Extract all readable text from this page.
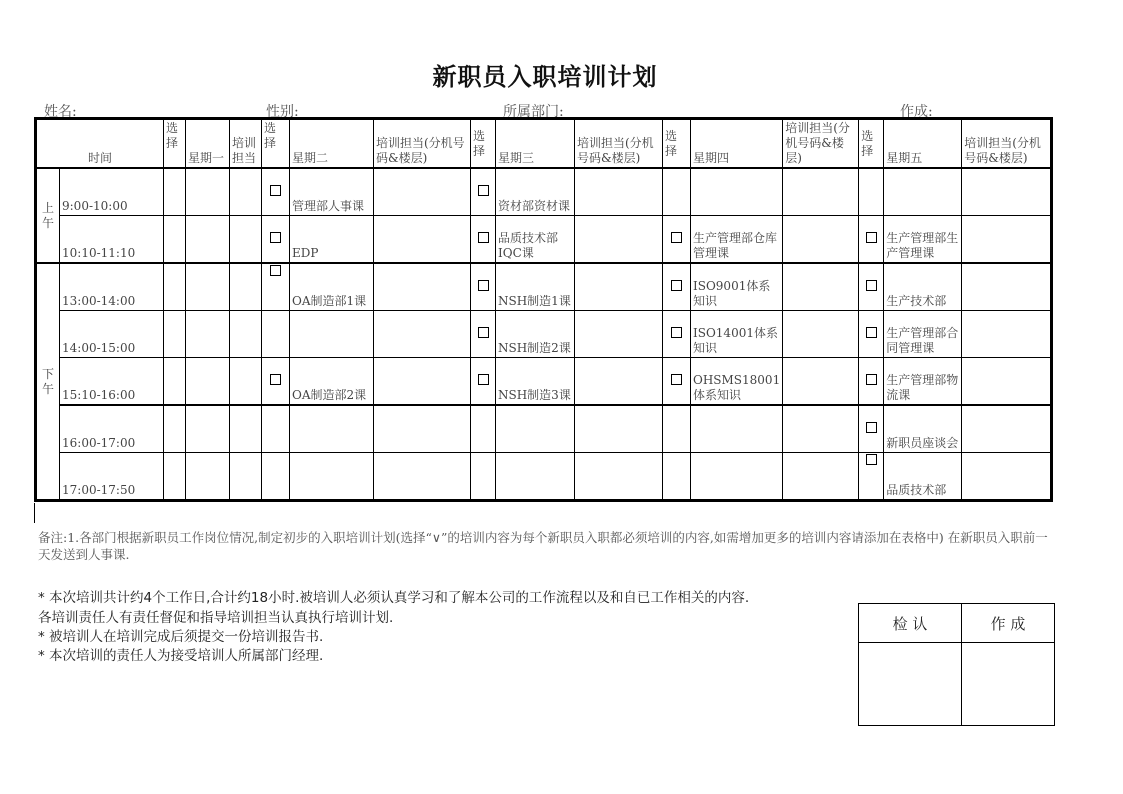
新职员入职培训计划
姓名:	性别:	所属部门:	作成:
时间		选择	星期一	培训担当	选择	星期二	培训担当(分机号码&楼层)	选择	星期三	培训担当(分机号码&楼层)	选择	星期四	培训担当(分机号码&楼层)	选择	星期五	培训担当(分机号码&楼层)
上午	9:00-10:00					管理部人事课			资材部资材课							
	10:10-11:10					EDP			品质技术部IQC课			生产管理部仓库管理课			生产管理部生产管理课	
下午	13:00-14:00					OA制造部1课			NSH制造1课			ISO9001体系知识			生产技术部	
	14:00-15:00								NSH制造2课			ISO14001体系知识			生产管理部合同管理课	
	15:10-16:00					OA制造部2课			NSH制造3课			OHSMS18001体系知识			生产管理部物流课	
	16:00-17:00														新职员座谈会	
	17:00-17:50														品质技术部	
备注:1.各部门根据新职员工作岗位情况,制定初步的入职培训计划(选择“∨”的培训内容为每个新职员入职都必须培训的内容,如需增加更多的培训内容请添加在表格中) 在新职员入职前一天发送到人事课.
* 本次培训共计约4个工作日,合计约18小时.被培训人必须认真学习和了解本公司的工作流程以及和自已工作相关的内容.
各培训责任人有责任督促和指导培训担当认真执行培训计划.
* 被培训人在培训完成后须提交一份培训报告书.
* 本次培训的责任人为接受培训人所属部门经理.
检 认	作 成
